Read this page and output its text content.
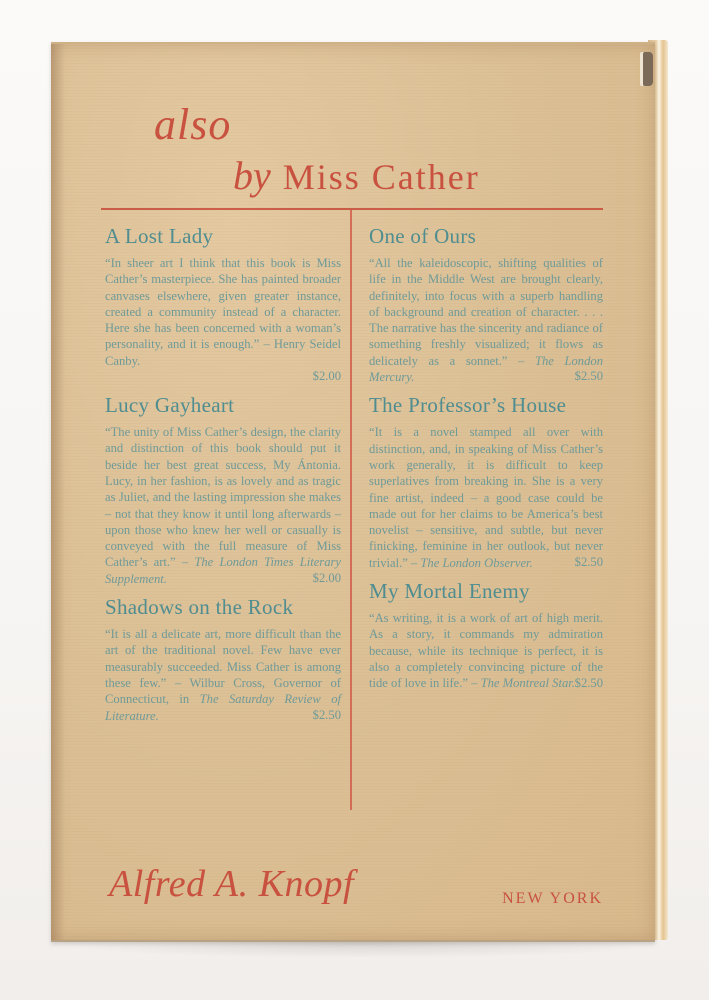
also
by Miss Cather
A Lost Lady
“In sheer art I think that this book is Miss Cather’s masterpiece. She has painted broader canvases elsewhere, given greater instance, created a community instead of a character. Here she has been concerned with a woman’s personality, and it is enough.” – Henry Seidel Canby.
$2.00
Lucy Gayheart
“The unity of Miss Cather’s design, the clarity and distinction of this book should put it beside her best great success, My Ántonia. Lucy, in her fashion, is as lovely and as tragic as Juliet, and the lasting impression she makes – not that they know it until long afterwards – upon those who knew her well or casually is conveyed with the full measure of Miss Cather’s art.” – The London Times Literary Supplement.	$2.00
Shadows on the Rock
“It is all a delicate art, more difficult than the art of the traditional novel. Few have ever measurably succeeded. Miss Cather is among these few.” – Wilbur Cross, Governor of Connecticut, in The Saturday Review of Literature.	$2.50
One of Ours
“All the kaleidoscopic, shifting qualities of life in the Middle West are brought clearly, definitely, into focus with a superb handling of background and creation of character. . . . The narrative has the sincerity and radiance of something freshly visualized; it flows as delicately as a sonnet.” – The London Mercury.	$2.50
The Professor’s House
“It is a novel stamped all over with distinction, and, in speaking of Miss Cather’s work generally, it is difficult to keep superlatives from breaking in. She is a very fine artist, indeed – a good case could be made out for her claims to be America’s best novelist – sensitive, and subtle, but never finicking, feminine in her outlook, but never trivial.” – The London Observer.	$2.50
My Mortal Enemy
“As writing, it is a work of art of high merit. As a story, it commands my admiration because, while its technique is perfect, it is also a completely convincing picture of the tide of love in life.” – The Montreal Star. $2.50
Alfred A. Knopf	NEW YORK
